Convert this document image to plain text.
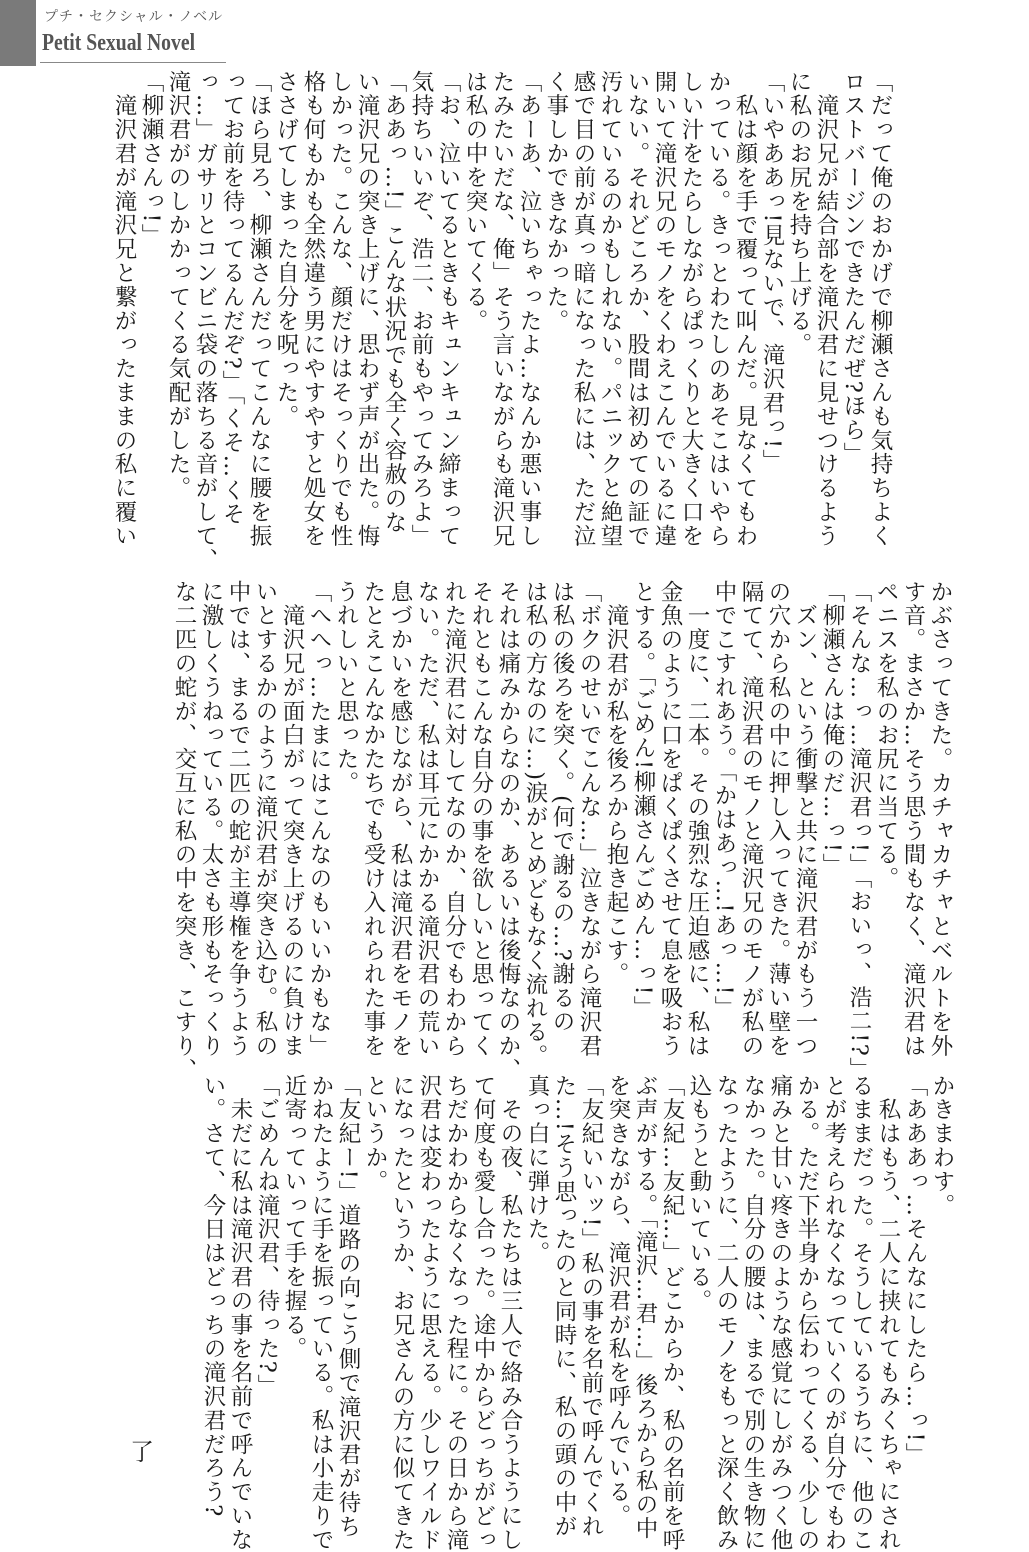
プチ・セクシャル・ノベル
Petit Sexual Novel
「だって俺のおかげで柳瀬さんも気持ちよく
ロストバージンできたんだぜ?ほら」
　滝沢兄が結合部を滝沢君に見せつけるよう
に私のお尻を持ち上げる。
「いやああっ!見ないで、滝沢君っ!」
　私は顔を手で覆って叫んだ。見なくてもわ
かっている。きっとわたしのあそこはいやら
しい汁をたらしながらぱっくりと大きく口を
開いて滝沢兄のモノをくわえこんでいるに違
いない。それどころか、股間は初めての証で
汚れているのかもしれない。パニックと絶望
感で目の前が真っ暗になった私には、ただ泣
く事しかできなかった。
「あーあ、泣いちゃったよ…なんか悪い事し
たみたいだな、俺」そう言いながらも滝沢兄
は私の中を突いてくる。
「お、泣いてるときもキュンキュン締まって
気持ちいいぞ、浩二、お前もやってみろよ」
「ああっ…!」こんな状況でも全く容赦のな
い滝沢兄の突き上げに、思わず声が出た。悔
しかった。こんな、顔だけはそっくりでも性
格も何もかも全然違う男にやすやすと処女を
ささげてしまった自分を呪った。
「ほら見ろ、柳瀬さんだってこんなに腰を振
ってお前を待ってるんだぞ?」「くそ…くそ
っ…」ガサリとコンビニ袋の落ちる音がして、
滝沢君がのしかかってくる気配がした。
「柳瀬さんっ!」
　滝沢君が滝沢兄と繋がったままの私に覆い
かぶさってきた。カチャカチャとベルトを外
す音。まさか…そう思う間もなく、滝沢君は
ペニスを私のお尻に当てる。
「そんな…っ…滝沢君っ!」「おいっ、浩二!?」
「柳瀬さんは俺のだ…っ!」
　ズン、という衝撃と共に滝沢君がもう一つ
の穴から私の中に押し入ってきた。薄い壁を
隔てて、滝沢君のモノと滝沢兄のモノが私の
中でこすれあう。「かはあっ…!あっ…!」
　一度に、二本。その強烈な圧迫感に、私は
金魚のように口をぱくぱくさせて息を吸おう
とする。「ごめん!柳瀬さんごめん…っ!」
　滝沢君が私を後ろから抱き起こす。
「ボクのせいでこんな…」泣きながら滝沢君
は私の後ろを突く。(何で謝るの…?謝るの
は私の方なのに…)涙がとめどもなく流れる。
それは痛みからなのか、あるいは後悔なのか、
それともこんな自分の事を欲しいと思ってく
れた滝沢君に対してなのか、自分でもわから
ない。ただ、私は耳元にかかる滝沢君の荒い
息づかいを感じながら、私は滝沢君をモノを
たとえこんなかたちでも受け入れられた事を
うれしいと思った。
「へへっ…たまにはこんなのもいいかもな」
　滝沢兄が面白がって突き上げるのに負けま
いとするかのように滝沢君が突き込む。私の
中では、まるで二匹の蛇が主導権を争うよう
に激しくうねっている。太さも形もそっくり
な二匹の蛇が、交互に私の中を突き、こすり、
かきまわす。
「あああっ…そんなにしたら…っ!」
　私はもう、二人に挟れてもみくちゃにされ
るままだった。そうしているうちに、他のこ
とが考えられなくなっていくのが自分でもわ
かる。ただ下半身から伝わってくる、少しの
痛みと甘い疼きのような感覚にしがみつく他
なかった。自分の腰は、まるで別の生き物に
なったように、二人のモノをもっと深く飲み
込もうと動いている。
「友紀…友紀…」どこからか、私の名前を呼
ぶ声がする。「滝沢…君…」後ろから私の中
を突きながら、滝沢君が私を呼んでいる。
「友紀いいッ!」私の事を名前で呼んでくれ
た…!そう思ったのと同時に、私の頭の中が
真っ白に弾けた。
　その夜、私たちは三人で絡み合うようにし
て何度も愛し合った。途中からどっちがどっ
ちだかわからなくなった程に。その日から滝
沢君は変わったように思える。少しワイルド
になったというか、お兄さんの方に似てきた
というか。
「友紀ー!」道路の向こう側で滝沢君が待ち
かねたように手を振っている。私は小走りで
近寄っていって手を握る。
「ごめんね滝沢君、待った?」
　未だに私は滝沢君の事を名前で呼んでいな
い。さて、今日はどっちの滝沢君だろう?
了
